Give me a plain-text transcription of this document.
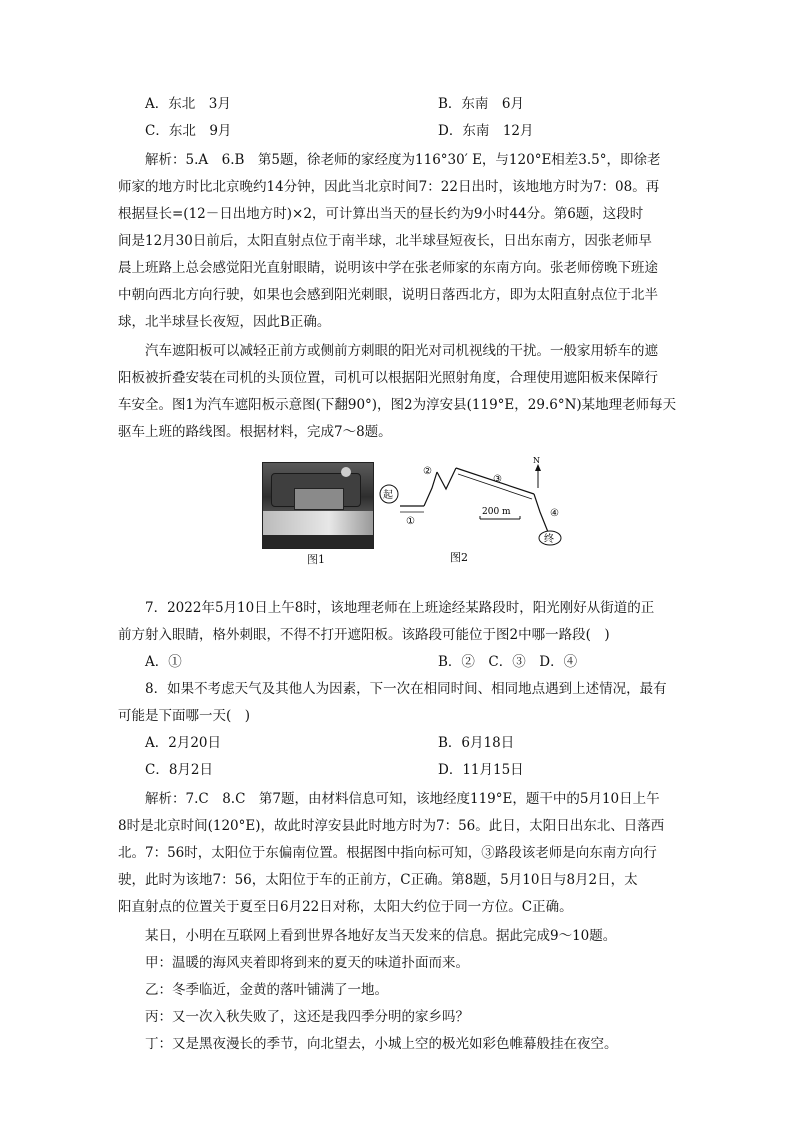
A．东北　3月	B．东南　6月
C．东北　9月	D．东南　12月
解析：5.A　6.B　第5题，徐老师的家经度为116°30′ E，与120°E相差3.5°，即徐老
师家的地方时比北京晚约14分钟，因此当北京时间7：22日出时，该地地方时为7：08。再
根据昼长=(12－日出地方时)×2，可计算出当天的昼长约为9小时44分。第6题，这段时
间是12月30日前后，太阳直射点位于南半球，北半球昼短夜长，日出东南方，因张老师早
晨上班路上总会感觉阳光直射眼睛，说明该中学在张老师家的东南方向。张老师傍晚下班途
中朝向西北方向行驶，如果也会感到阳光刺眼，说明日落西北方，即为太阳直射点位于北半
球，北半球昼长夜短，因此B正确。
汽车遮阳板可以减轻正前方或侧前方刺眼的阳光对司机视线的干扰。一般家用轿车的遮
阳板被折叠安装在司机的头顶位置，司机可以根据阳光照射角度，合理使用遮阳板来保障行
车安全。图1为汽车遮阳板示意图(下翻90°)，图2为淳安县(119°E，29.6°N)某地理老师每天
驱车上班的路线图。根据材料，完成7～8题。
图1
起
终
①
②
③
④
N
200 m
图2
7．2022年5月10日上午8时，该地理老师在上班途经某路段时，阳光刚好从街道的正
前方射入眼睛，格外刺眼，不得不打开遮阳板。该路段可能位于图2中哪一路段(　)
A．①	B．②　C．③　D．④
8．如果不考虑天气及其他人为因素，下一次在相同时间、相同地点遇到上述情况，最有
可能是下面哪一天(　)
A．2月20日	B．6月18日
C．8月2日	D．11月15日
解析：7.C　8.C　第7题，由材料信息可知，该地经度119°E，题干中的5月10日上午
8时是北京时间(120°E)，故此时淳安县此时地方时为7：56。此日，太阳日出东北、日落西
北。7：56时，太阳位于东偏南位置。根据图中指向标可知，③路段该老师是向东南方向行
驶，此时为该地7：56，太阳位于车的正前方，C正确。第8题，5月10日与8月2日，太
阳直射点的位置关于夏至日6月22日对称，太阳大约位于同一方位。C正确。
某日，小明在互联网上看到世界各地好友当天发来的信息。据此完成9～10题。
甲：温暖的海风夹着即将到来的夏天的味道扑面而来。
乙：冬季临近，金黄的落叶铺满了一地。
丙：又一次入秋失败了，这还是我四季分明的家乡吗？
丁：又是黑夜漫长的季节，向北望去，小城上空的极光如彩色帷幕般挂在夜空。
